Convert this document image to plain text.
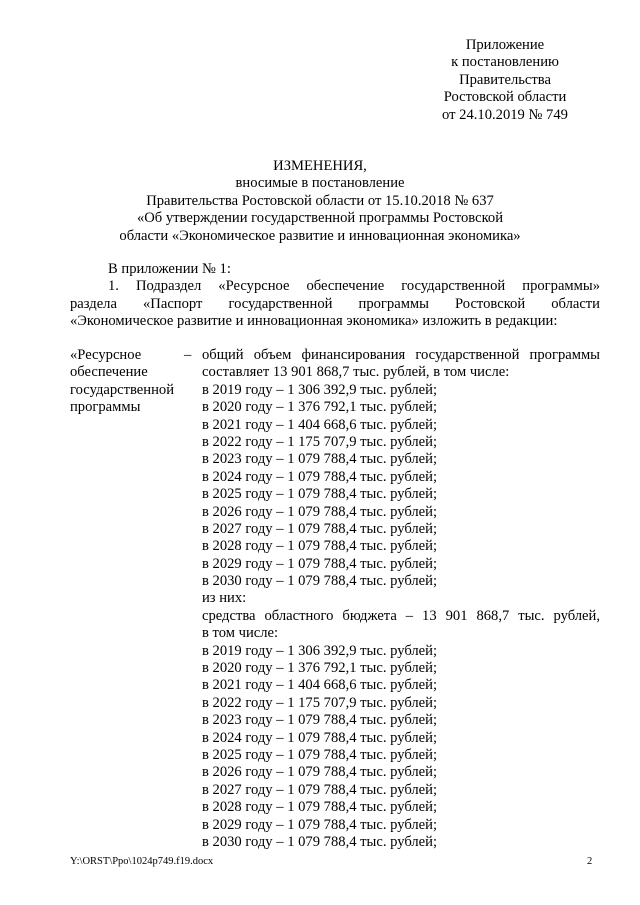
Приложение
к постановлению
Правительства
Ростовской области
от 24.10.2019 № 749
ИЗМЕНЕНИЯ,
вносимые в постановление
Правительства Ростовской области от 15.10.2018 № 637
«Об утверждении государственной программы Ростовской
области «Экономическое развитие и инновационная экономика»
В приложении № 1:
1. Подраздел «Ресурсное обеспечение государственной программы»
раздела «Паспорт государственной программы Ростовской области
«Экономическое развитие и инновационная экономика» изложить в редакции:
«Ресурсное
обеспечение
государственной
программы
– общий объем финансирования государственной программы
составляет 13 901 868,7 тыс. рублей, в том числе:
в 2019 году – 1 306 392,9 тыс. рублей;
в 2020 году – 1 376 792,1 тыс. рублей;
в 2021 году – 1 404 668,6 тыс. рублей;
в 2022 году – 1 175 707,9 тыс. рублей;
в 2023 году – 1 079 788,4 тыс. рублей;
в 2024 году – 1 079 788,4 тыс. рублей;
в 2025 году – 1 079 788,4 тыс. рублей;
в 2026 году – 1 079 788,4 тыс. рублей;
в 2027 году – 1 079 788,4 тыс. рублей;
в 2028 году – 1 079 788,4 тыс. рублей;
в 2029 году – 1 079 788,4 тыс. рублей;
в 2030 году – 1 079 788,4 тыс. рублей;
из них:
средства областного бюджета – 13 901 868,7 тыс. рублей,
в том числе:
в 2019 году – 1 306 392,9 тыс. рублей;
в 2020 году – 1 376 792,1 тыс. рублей;
в 2021 году – 1 404 668,6 тыс. рублей;
в 2022 году – 1 175 707,9 тыс. рублей;
в 2023 году – 1 079 788,4 тыс. рублей;
в 2024 году – 1 079 788,4 тыс. рублей;
в 2025 году – 1 079 788,4 тыс. рублей;
в 2026 году – 1 079 788,4 тыс. рублей;
в 2027 году – 1 079 788,4 тыс. рублей;
в 2028 году – 1 079 788,4 тыс. рублей;
в 2029 году – 1 079 788,4 тыс. рублей;
в 2030 году – 1 079 788,4 тыс. рублей;
Y:\ORST\Ppo\1024p749.f19.docx	2
